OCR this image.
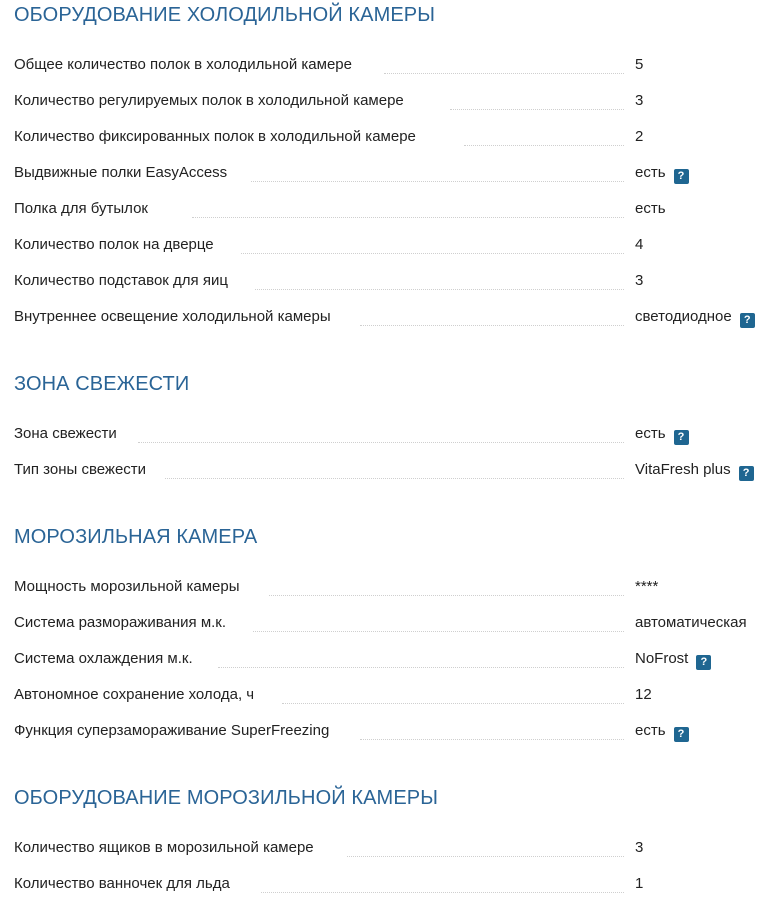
ОБОРУДОВАНИЕ ХОЛОДИЛЬНОЙ КАМЕРЫ
Общее количество полок в холодильной камере	5
Количество регулируемых полок в холодильной камере	3
Количество фиксированных полок в холодильной камере	2
Выдвижные полки EasyAccess	есть ?
Полка для бутылок	есть
Количество полок на дверце	4
Количество подставок для яиц	3
Внутреннее освещение холодильной камеры	светодиодное ?
ЗОНА СВЕЖЕСТИ
Зона свежести	есть ?
Тип зоны свежести	VitaFresh plus ?
МОРОЗИЛЬНАЯ КАМЕРА
Мощность морозильной камеры	****
Система размораживания м.к.	автоматическая
Система охлаждения м.к.	NoFrost ?
Автономное сохранение холода, ч	12
Функция суперзамораживание SuperFreezing	есть ?
ОБОРУДОВАНИЕ МОРОЗИЛЬНОЙ КАМЕРЫ
Количество ящиков в морозильной камере	3
Количество ванночек для льда	1
